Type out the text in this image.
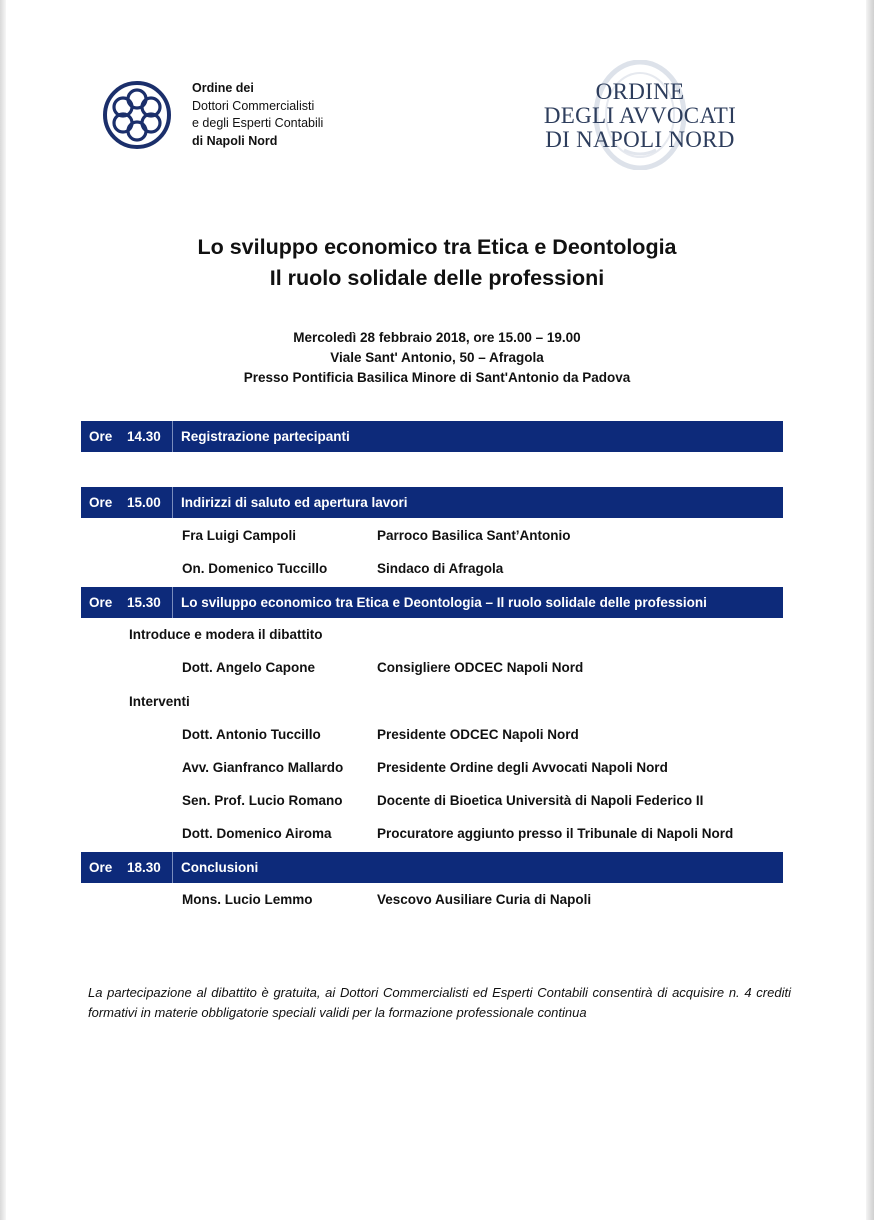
Ordine dei
Dottori Commercialisti
e degli Esperti Contabili
di Napoli Nord
ORDINE
DEGLI AVVOCATI
DI NAPOLI NORD
Lo sviluppo economico tra Etica e Deontologia
Il ruolo solidale delle professioni
Mercoledì 28 febbraio 2018, ore 15.00 – 19.00
Viale Sant' Antonio, 50 – Afragola
Presso Pontificia Basilica Minore di Sant'Antonio da Padova
Ore	14.30	Registrazione partecipanti
Ore	15.00	Indirizzi di saluto ed apertura lavori
Fra Luigi Campoli	Parroco Basilica Sant’Antonio
On. Domenico Tuccillo	Sindaco di Afragola
Ore	15.30	Lo sviluppo economico tra Etica e Deontologia – Il ruolo solidale delle professioni
Introduce e modera il dibattito
Dott. Angelo Capone	Consigliere ODCEC Napoli Nord
Interventi
Dott. Antonio Tuccillo	Presidente ODCEC Napoli Nord
Avv. Gianfranco Mallardo Presidente Ordine degli Avvocati Napoli Nord
Sen. Prof. Lucio Romano	Docente di Bioetica Università di Napoli Federico II
Dott. Domenico Airoma	Procuratore aggiunto presso il Tribunale di Napoli Nord
Ore	18.30	Conclusioni
Mons. Lucio Lemmo	Vescovo Ausiliare Curia di Napoli
La partecipazione al dibattito è gratuita, ai Dottori Commercialisti ed Esperti Contabili consentirà di acquisire n. 4 crediti formativi in materie obbligatorie speciali validi per la formazione professionale continua
